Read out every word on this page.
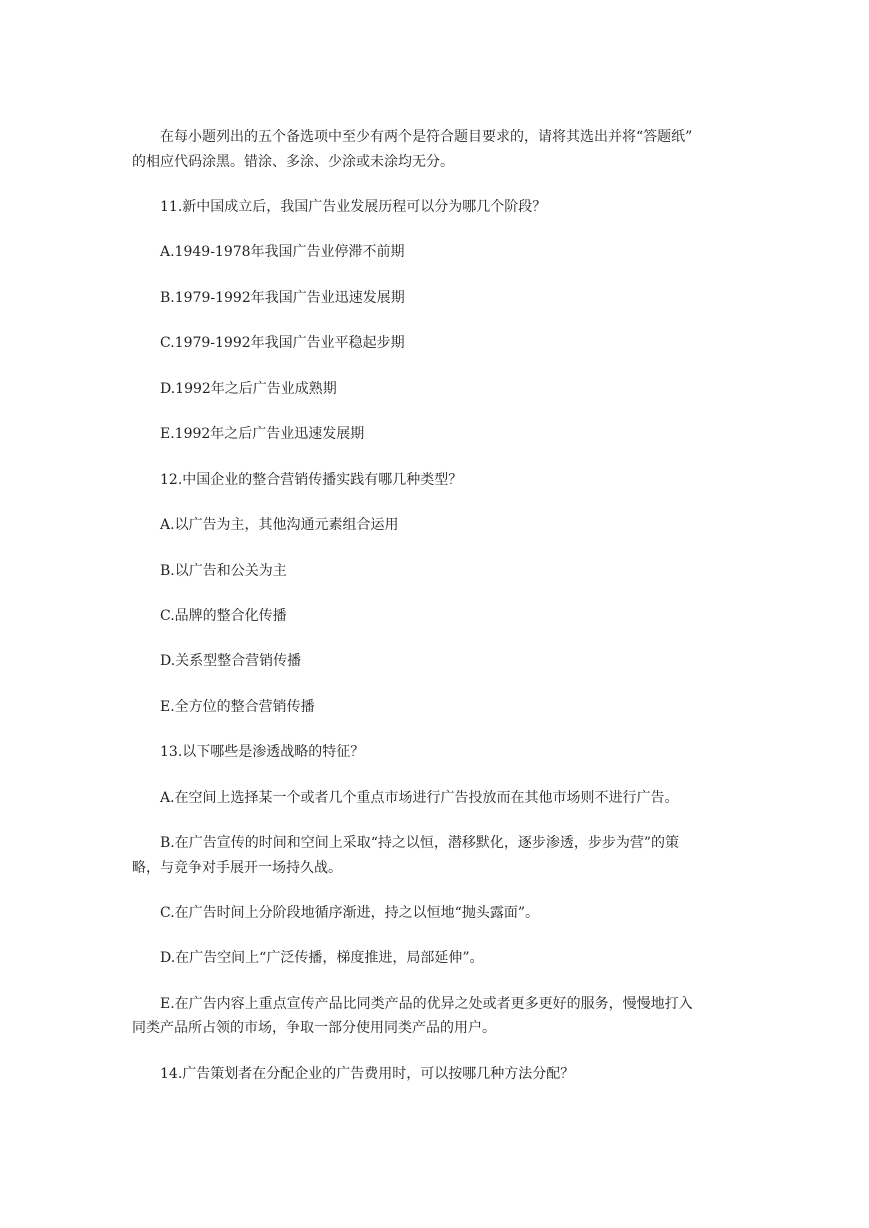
在每小题列出的五个备选项中至少有两个是符合题目要求的，请将其选出并将“答题纸”
的相应代码涂黑。错涂、多涂、少涂或未涂均无分。
11.新中国成立后，我国广告业发展历程可以分为哪几个阶段？
A.1949-1978年我国广告业停滞不前期
B.1979-1992年我国广告业迅速发展期
C.1979-1992年我国广告业平稳起步期
D.1992年之后广告业成熟期
E.1992年之后广告业迅速发展期
12.中国企业的整合营销传播实践有哪几种类型？
A.以广告为主，其他沟通元素组合运用
B.以广告和公关为主
C.品牌的整合化传播
D.关系型整合营销传播
E.全方位的整合营销传播
13.以下哪些是渗透战略的特征？
A.在空间上选择某一个或者几个重点市场进行广告投放而在其他市场则不进行广告。
B.在广告宣传的时间和空间上采取“持之以恒，潜移默化，逐步渗透，步步为营”的策
略，与竞争对手展开一场持久战。
C.在广告时间上分阶段地循序渐进，持之以恒地“抛头露面”。
D.在广告空间上“广泛传播，梯度推进，局部延伸”。
E.在广告内容上重点宣传产品比同类产品的优异之处或者更多更好的服务，慢慢地打入
同类产品所占领的市场，争取一部分使用同类产品的用户。
14.广告策划者在分配企业的广告费用时，可以按哪几种方法分配？
